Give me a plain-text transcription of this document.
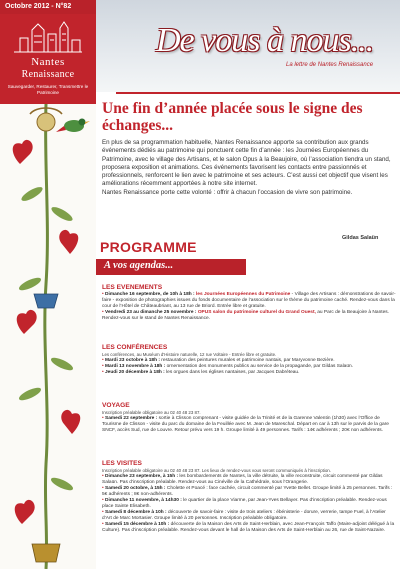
Octobre 2012 - N°82
Nantes
Renaissance
Sauvegarder, Restaurer, Transmettre le Patrimoine
De vous à nous...
La lettre de Nantes Renaissance
Une fin d’année placée sous le signe des échanges...

En plus de sa programmation habituelle, Nantes Renaissance apporte sa contribution aux grands événements dédiés au patrimoine qui ponctuent cette fin d’année : les Journées Européennes du Patrimoine, avec le village des Artisans, et le salon Opus à la Beaujoire, où l’association tiendra un stand, proposera exposition et animations. Ces événements favorisent les contacts entre passionnés et professionnels, renforcent le lien avec le patrimoine et ses acteurs. C’est aussi cet objectif que visent les améliorations récemment apportées à notre site internet.

Nantes Renaissance porte cette volonté : offrir à chacun l’occasion de vivre son patrimoine.

Gildas Salaün
PROGRAMME
A vos agendas...
LES EVENEMENTS
• Dimanche 16 septembre, de 10h à 18h : les Journées Européennes du Patrimoine - Village des Artisans : démonstrations de savoir-faire - exposition de photographies issues du fonds documentaire de l’association sur le thème du patrimoine caché. Rendez-vous dans la cour de l’Hôtel de Châteaubriant, au 13 rue de Briord. Entrée libre et gratuite.
• Vendredi 23 au dimanche 25 novembre : OPUS salon du patrimoine culturel du Grand Ouest, au Parc de la Beaujoire à Nantes. Rendez-vous sur le stand de Nantes Renaissance.
LES CONFÉRENCES
Les conférences, au Muséum d’Histoire naturelle, 12 rue Voltaire - Entrée libre et gratuite.
• Mardi 23 octobre à 18h : restauration des peintures murales et patrimoine nantais, par Maryvonne Bezière.
• Mardi 13 novembre à 18h : ornementation des monuments publics au service de la propagande, par Gildas Salaün.
• Jeudi 20 décembre à 18h : les orgues dans les églises nantaises, par Jacques Dabréteau.
VOYAGE
Inscription préalable obligatoire au 02 40 48 23 87.
• Samedi 22 septembre : sortie à Clisson comprenant - visite guidée de la Trinité et de la Garenne Valentin (1h30) avec l’Office de Tourisme de Clisson - visite du parc du domaine de la Feuillée avec M. Jean de Mareschal. Départ en car à 13h sur le parvis de la gare SNCF, accès Sud, rue de Louvre. Retour prévu vers 19 h. Groupe limité à 49 personnes. Tarifs : 14€ adhérents ; 20€ non adhérents.
LES VISITES
Inscription préalable obligatoire au 02 40 48 23 87. Les lieux de rendez-vous vous seront communiqués à l’inscription.
• Dimanche 23 septembre, à 15h : les bombardements de Nantes, la ville détruite, la ville reconstruite, circuit commenté par Gildas Salaün. Pas d’inscription préalable. Rendez-vous au Cinéville de la Cathédrale, sous l’Orangerie.
• Samedi 20 octobre, à 15h : Cholette et Poacé : face cachée, circuit commenté par Yvette Bellet. Groupe limité à 25 personnes. Tarifs : 5€ adhérents ; 8€ non-adhérents.
• Dimanche 11 novembre, à 14h30 : le quartier de la place Viarme, par Jean-Yves Bellayer. Pas d’inscription préalable. Rendez-vous place Sainte Elisabeth.
• Samedi 8 décembre à 10h : découverte de savoir-faire : visite de trois ateliers : ébénisterie - dorure, verrerie, tampe Fuel, à l’Atelier d’Art de Marc Mortasier. Groupe limité à 20 personnes. Inscription préalable obligatoire.
• Samedi 15 décembre à 10h : découverte de la Maison des Arts de Saint-Herblain, avec Jean-François Taffo (Maire-adjoint délégué à la Culture). Pas d’inscription préalable. Rendez-vous devant le hall de la Maison des Arts de Saint-Herblain au 26, rue de Saint-Nazaire.
